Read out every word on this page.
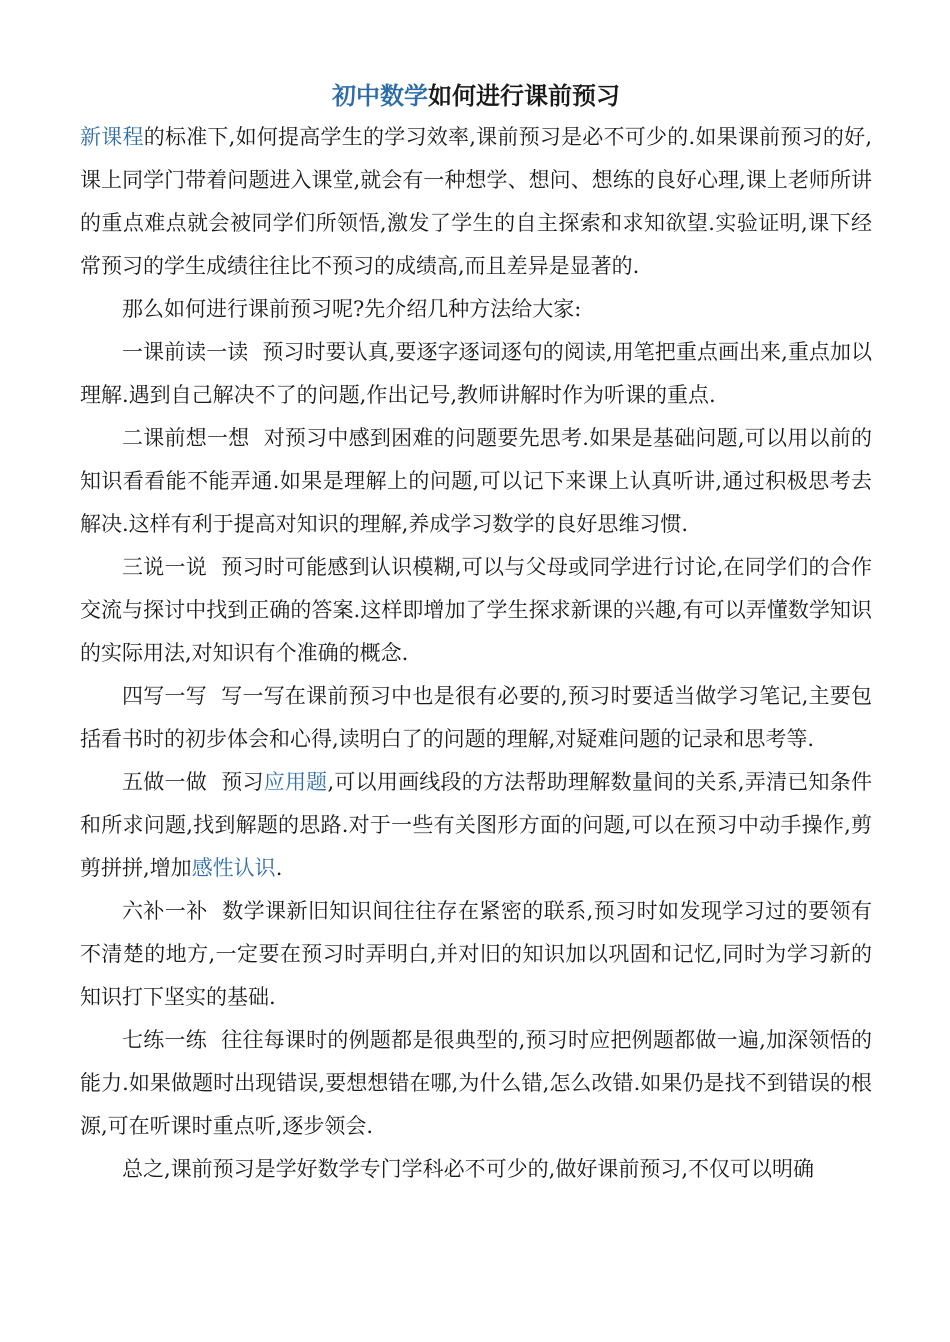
初中数学如何进行课前预习

新课程的标准下,如何提高学生的学习效率,课前预习是必不可少的.如果课前预习的好,课上同学门带着问题进入课堂,就会有一种想学、想问、想练的良好心理,课上老师所讲的重点难点就会被同学们所领悟,激发了学生的自主探索和求知欲望.实验证明,课下经常预习的学生成绩往往比不预习的成绩高,而且差异是显著的.

那么如何进行课前预习呢?先介绍几种方法给大家:

一课前读一读 预习时要认真,要逐字逐词逐句的阅读,用笔把重点画出来,重点加以理解.遇到自己解决不了的问题,作出记号,教师讲解时作为听课的重点.

二课前想一想 对预习中感到困难的问题要先思考.如果是基础问题,可以用以前的知识看看能不能弄通.如果是理解上的问题,可以记下来课上认真听讲,通过积极思考去解决.这样有利于提高对知识的理解,养成学习数学的良好思维习惯.

三说一说 预习时可能感到认识模糊,可以与父母或同学进行讨论,在同学们的合作交流与探讨中找到正确的答案.这样即增加了学生探求新课的兴趣,有可以弄懂数学知识的实际用法,对知识有个准确的概念.

四写一写 写一写在课前预习中也是很有必要的,预习时要适当做学习笔记,主要包括看书时的初步体会和心得,读明白了的问题的理解,对疑难问题的记录和思考等.

五做一做 预习应用题,可以用画线段的方法帮助理解数量间的关系,弄清已知条件和所求问题,找到解题的思路.对于一些有关图形方面的问题,可以在预习中动手操作,剪剪拼拼,增加感性认识.

六补一补 数学课新旧知识间往往存在紧密的联系,预习时如发现学习过的要领有不清楚的地方,一定要在预习时弄明白,并对旧的知识加以巩固和记忆,同时为学习新的知识打下坚实的基础.

七练一练 往往每课时的例题都是很典型的,预习时应把例题都做一遍,加深领悟的能力.如果做题时出现错误,要想想错在哪,为什么错,怎么改错.如果仍是找不到错误的根源,可在听课时重点听,逐步领会.

总之,课前预习是学好数学专门学科必不可少的,做好课前预习,不仅可以明确
